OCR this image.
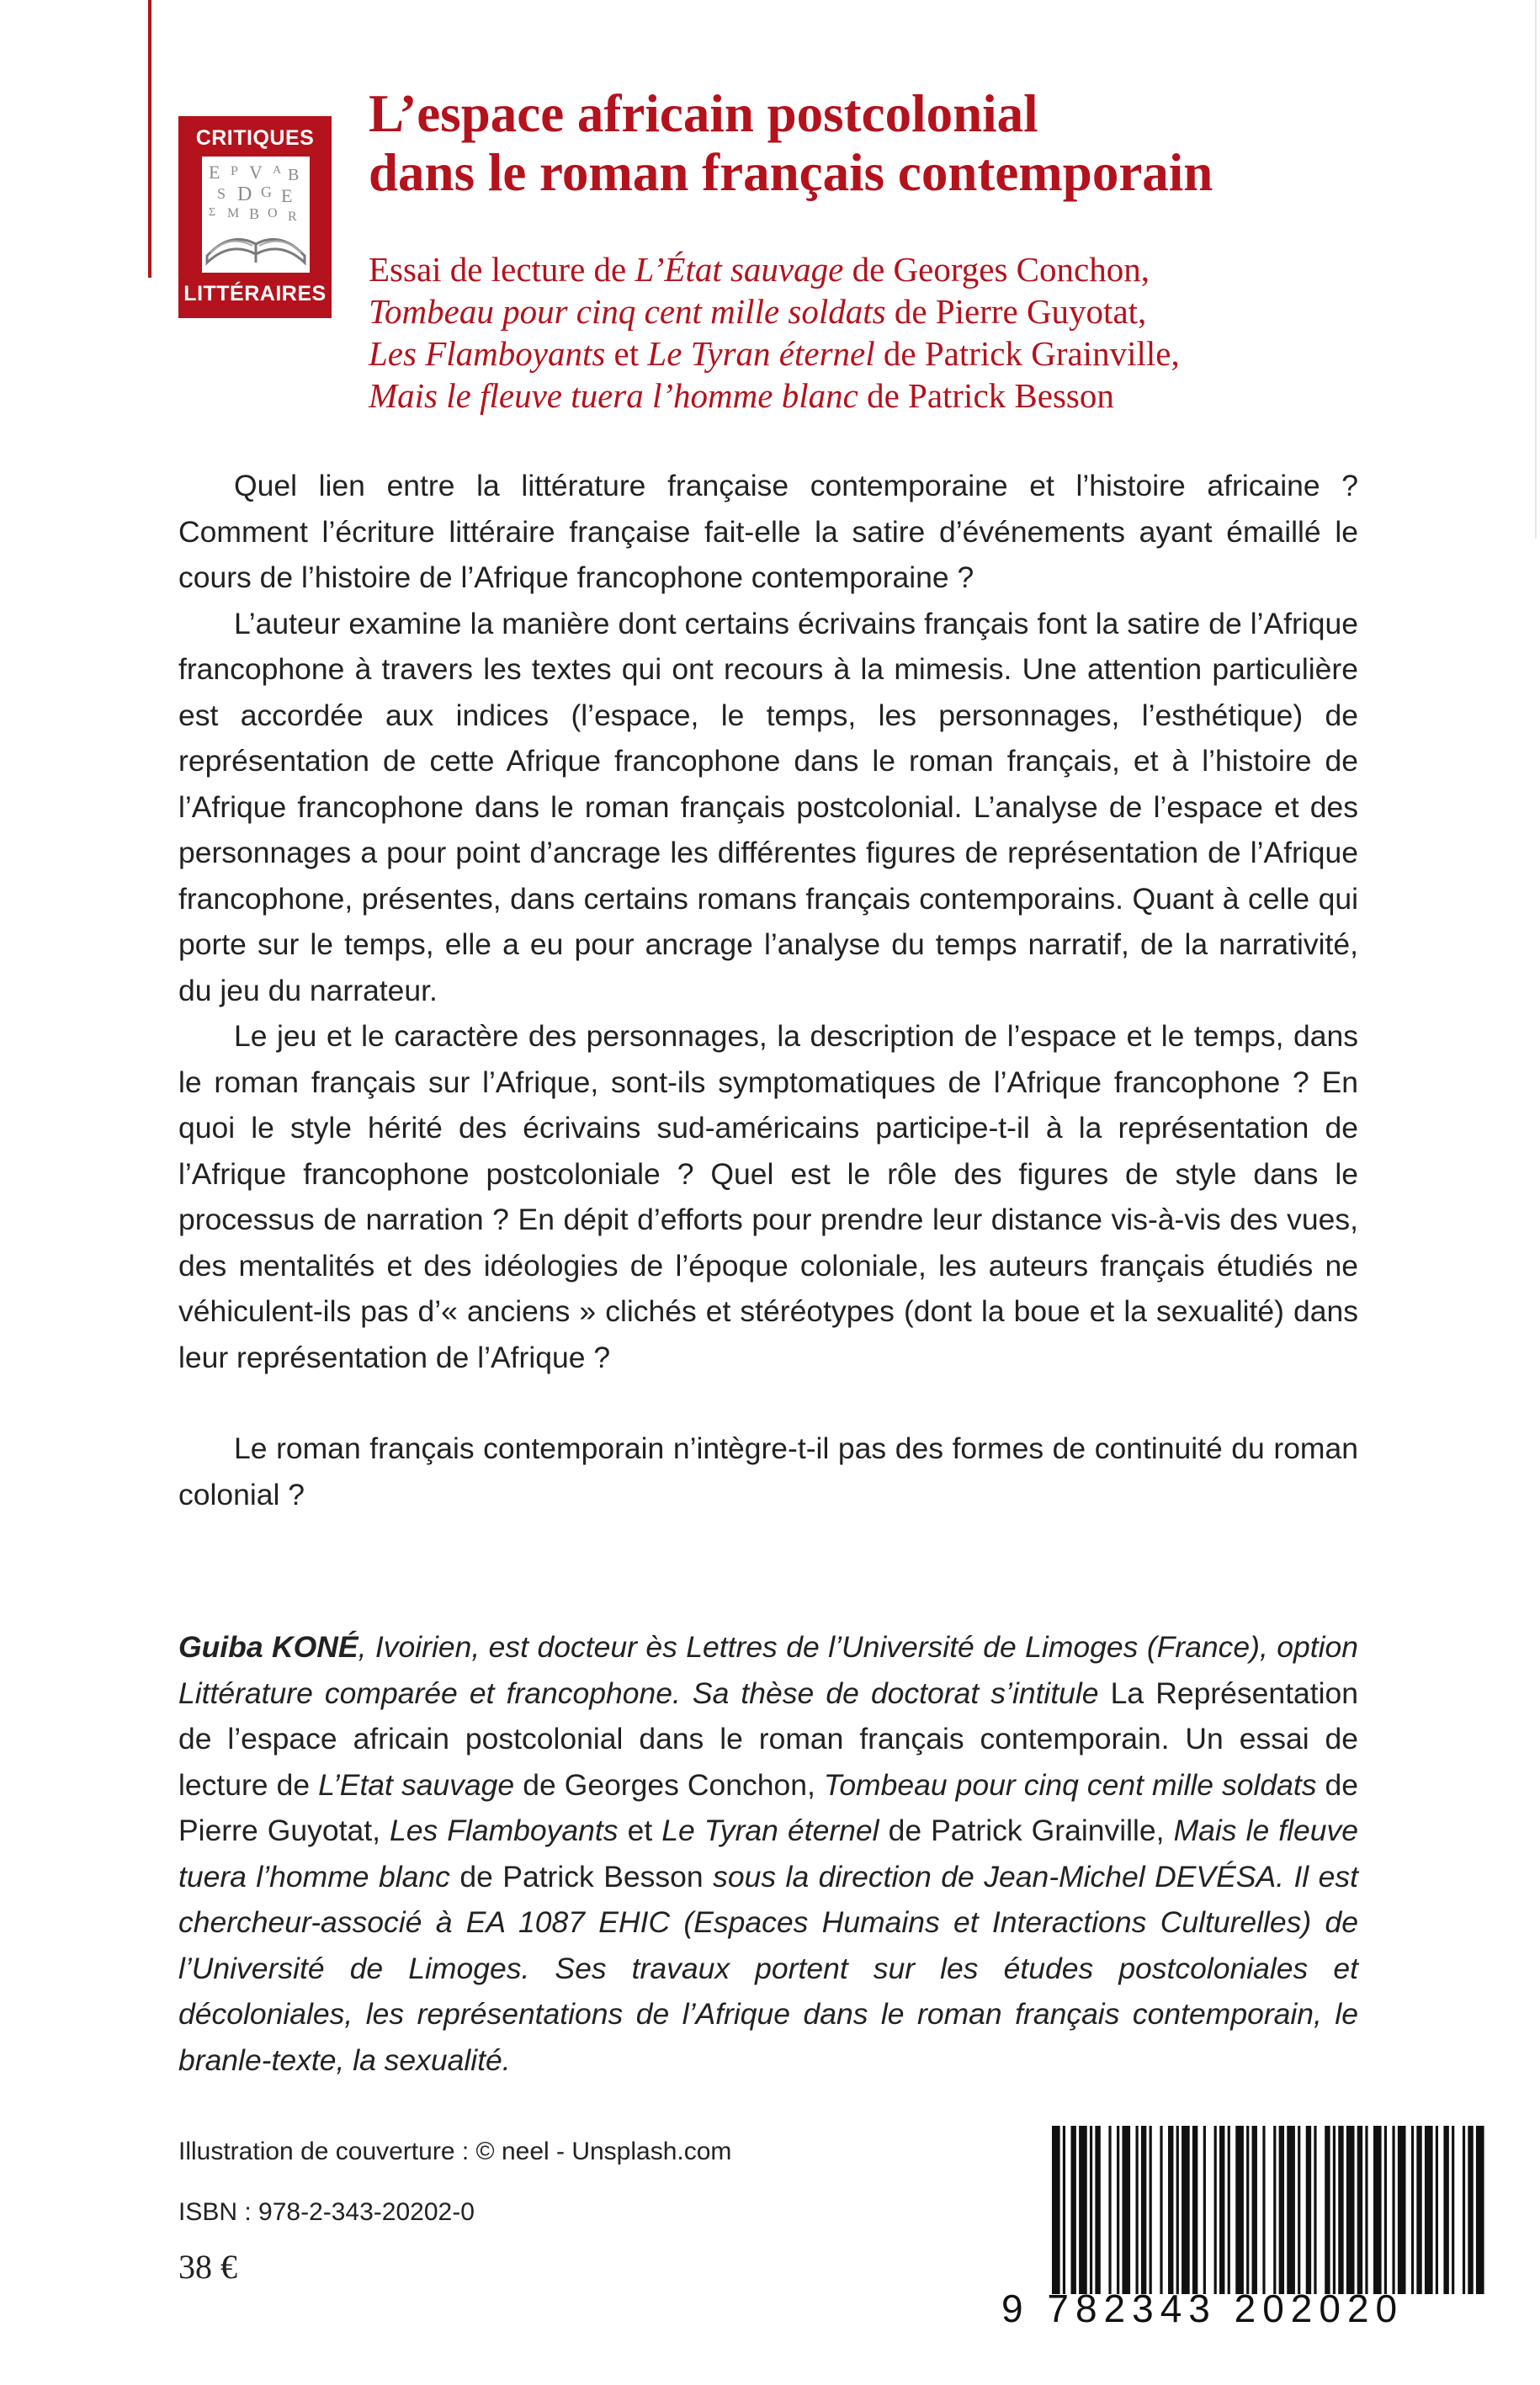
CRITIQUES
E P V A B
S D G E
Σ M B O R
LITTÉRAIRES
L’espace africain postcolonial
dans le roman français contemporain
Essai de lecture de L’État sauvage de Georges Conchon,
Tombeau pour cinq cent mille soldats de Pierre Guyotat,
Les Flamboyants et Le Tyran éternel de Patrick Grainville,
Mais le fleuve tuera l’homme blanc de Patrick Besson

Quel lien entre la littérature française contemporaine et l’histoire africaine ? Comment l’écriture littéraire française fait-elle la satire d’événements ayant émaillé le cours de l’histoire de l’Afrique francophone contemporaine ?

L’auteur examine la manière dont certains écrivains français font la satire de l’Afrique francophone à travers les textes qui ont recours à la mimesis. Une attention particulière est accordée aux indices (l’espace, le temps, les personnages, l’esthétique) de représentation de cette Afrique francophone dans le roman français, et à l’histoire de l’Afrique francophone dans le roman français postcolonial. L’analyse de l’espace et des personnages a pour point d’ancrage les différentes figures de représentation de l’Afrique francophone, présentes, dans certains romans français contemporains. Quant à celle qui porte sur le temps, elle a eu pour ancrage l’analyse du temps narratif, de la narrativité, du jeu du narrateur.

Le jeu et le caractère des personnages, la description de l’espace et le temps, dans le roman français sur l’Afrique, sont-ils symptomatiques de l’Afrique francophone ? En quoi le style hérité des écrivains sud-américains participe-t-il à la représentation de l’Afrique francophone postcoloniale ? Quel est le rôle des figures de style dans le processus de narration ? En dépit d’efforts pour prendre leur distance vis-à-vis des vues, des mentalités et des idéologies de l’époque coloniale, les auteurs français étudiés ne véhiculent-ils pas d’« anciens » clichés et stéréotypes (dont la boue et la sexualité) dans leur représentation de l’Afrique ?

Le roman français contemporain n’intègre-t-il pas des formes de continuité du roman colonial ?

Guiba KONÉ, Ivoirien, est docteur ès Lettres de l’Université de Limoges (France), option Littérature comparée et francophone. Sa thèse de doctorat s’intitule La Représentation de l’espace africain postcolonial dans le roman français contemporain. Un essai de lecture de L’Etat sauvage de Georges Conchon, Tombeau pour cinq cent mille soldats de Pierre Guyotat, Les Flamboyants et Le Tyran éternel de Patrick Grainville, Mais le fleuve tuera l’homme blanc de Patrick Besson sous la direction de Jean-Michel DEVÉSA. Il est chercheur-associé à EA 1087 EHIC (Espaces Humains et Interactions Culturelles) de l’Université de Limoges. Ses travaux portent sur les études postcoloniales et décoloniales, les représentations de l’Afrique dans le roman français contemporain, le branle-texte, la sexualité.

Illustration de couverture : © neel - Unsplash.com
ISBN : 978-2-343-20202-0
38 €
9 782343 202020
